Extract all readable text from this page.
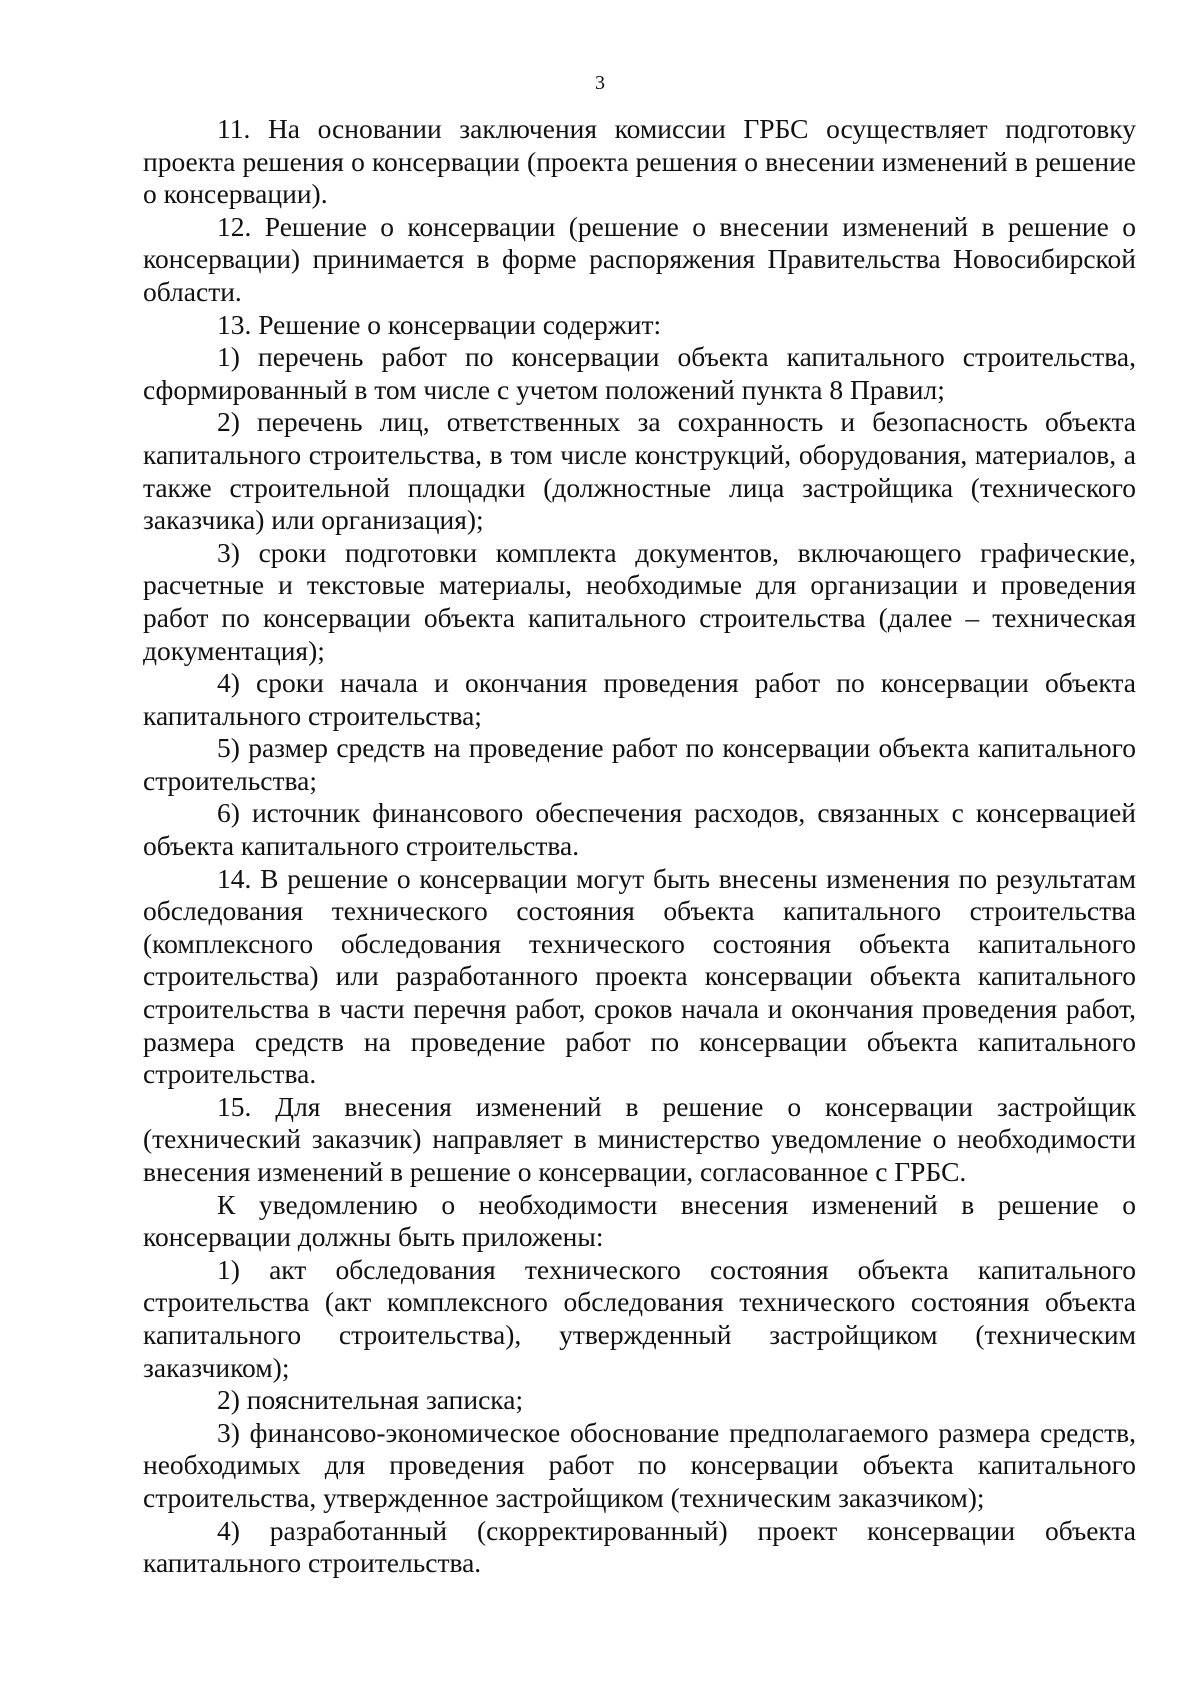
3

11. На основании заключения комиссии ГРБС осуществляет подготовку проекта решения о консервации (проекта решения о внесении изменений в решение о консервации).

12. Решение о консервации (решение о внесении изменений в решение о консервации) принимается в форме распоряжения Правительства Новосибирской области.

13. Решение о консервации содержит:

1) перечень работ по консервации объекта капитального строительства, сформированный в том числе с учетом положений пункта 8 Правил;

2) перечень лиц, ответственных за сохранность и безопасность объекта капитального строительства, в том числе конструкций, оборудования, материалов, а также строительной площадки (должностные лица застройщика (технического заказчика) или организация);

3) сроки подготовки комплекта документов, включающего графические, расчетные и текстовые материалы, необходимые для организации и проведения работ по консервации объекта капитального строительства (далее – техническая документация);

4) сроки начала и окончания проведения работ по консервации объекта капитального строительства;

5) размер средств на проведение работ по консервации объекта капитального строительства;

6) источник финансового обеспечения расходов, связанных с консервацией объекта капитального строительства.

14. В решение о консервации могут быть внесены изменения по результатам обследования технического состояния объекта капитального строительства (комплексного обследования технического состояния объекта капитального строительства) или разработанного проекта консервации объекта капитального строительства в части перечня работ, сроков начала и окончания проведения работ, размера средств на проведение работ по консервации объекта капитального строительства.

15. Для внесения изменений в решение о консервации застройщик (технический заказчик) направляет в министерство уведомление о необходимости внесения изменений в решение о консервации, согласованное с ГРБС.

К уведомлению о необходимости внесения изменений в решение о консервации должны быть приложены:

1) акт обследования технического состояния объекта капитального строительства (акт комплексного обследования технического состояния объекта капитального строительства), утвержденный застройщиком (техническим заказчиком);

2) пояснительная записка;

3) финансово-экономическое обоснование предполагаемого размера средств, необходимых для проведения работ по консервации объекта капитального строительства, утвержденное застройщиком (техническим заказчиком);

4) разработанный (скорректированный) проект консервации объекта капитального строительства.
